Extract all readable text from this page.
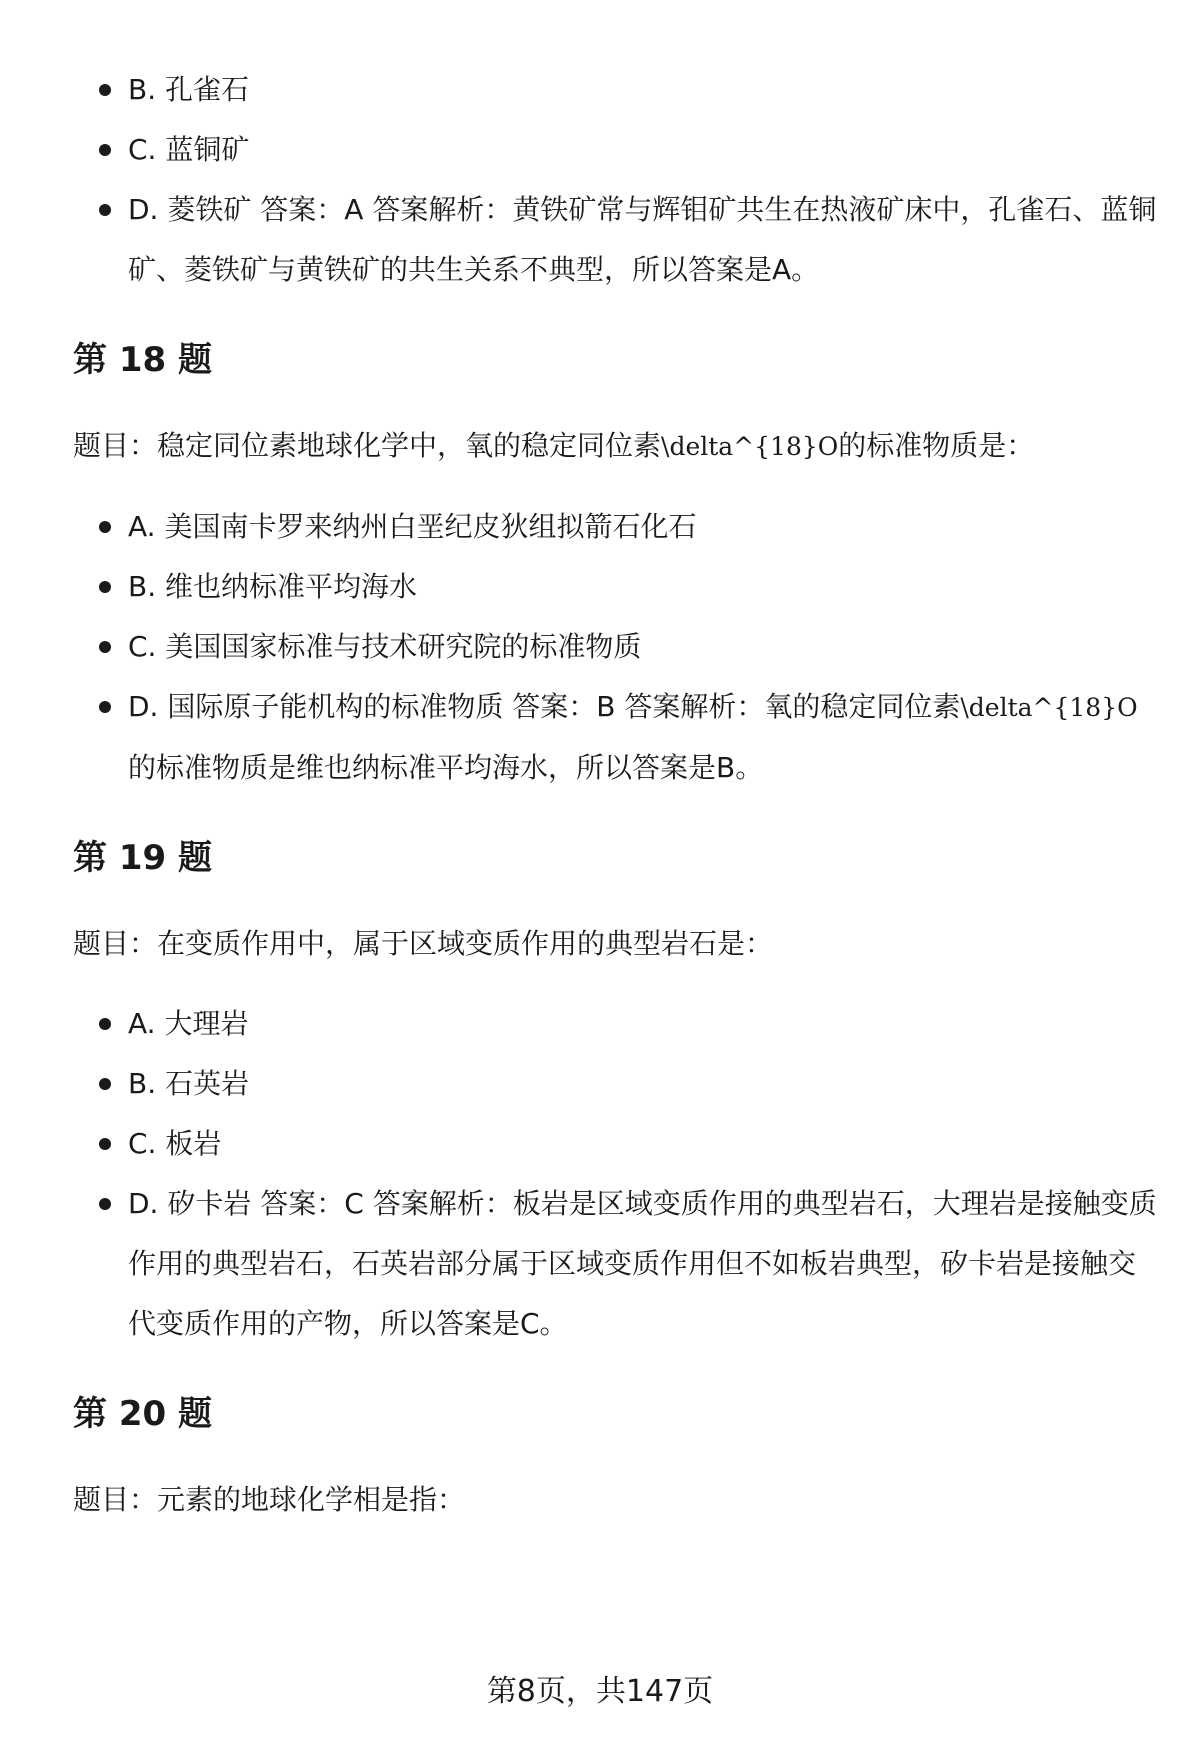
B. 孔雀石
C. 蓝铜矿
D. 菱铁矿 答案：A 答案解析：黄铁矿常与辉钼矿共生在热液矿床中，孔雀石、蓝铜矿、菱铁矿与黄铁矿的共生关系不典型，所以答案是A。
第 18 题

题目：稳定同位素地球化学中，氧的稳定同位素\delta^{18}O的标准物质是：

A. 美国南卡罗来纳州白垩纪皮狄组拟箭石化石
B. 维也纳标准平均海水
C. 美国国家标准与技术研究院的标准物质
D. 国际原子能机构的标准物质 答案：B 答案解析：氧的稳定同位素\delta^{18}O的标准物质是维也纳标准平均海水，所以答案是B。
第 19 题

题目：在变质作用中，属于区域变质作用的典型岩石是：

A. 大理岩
B. 石英岩
C. 板岩
D. 矽卡岩 答案：C 答案解析：板岩是区域变质作用的典型岩石，大理岩是接触变质作用的典型岩石，石英岩部分属于区域变质作用但不如板岩典型，矽卡岩是接触交代变质作用的产物，所以答案是C。
第 20 题

题目：元素的地球化学相是指：

第8页，共147页
